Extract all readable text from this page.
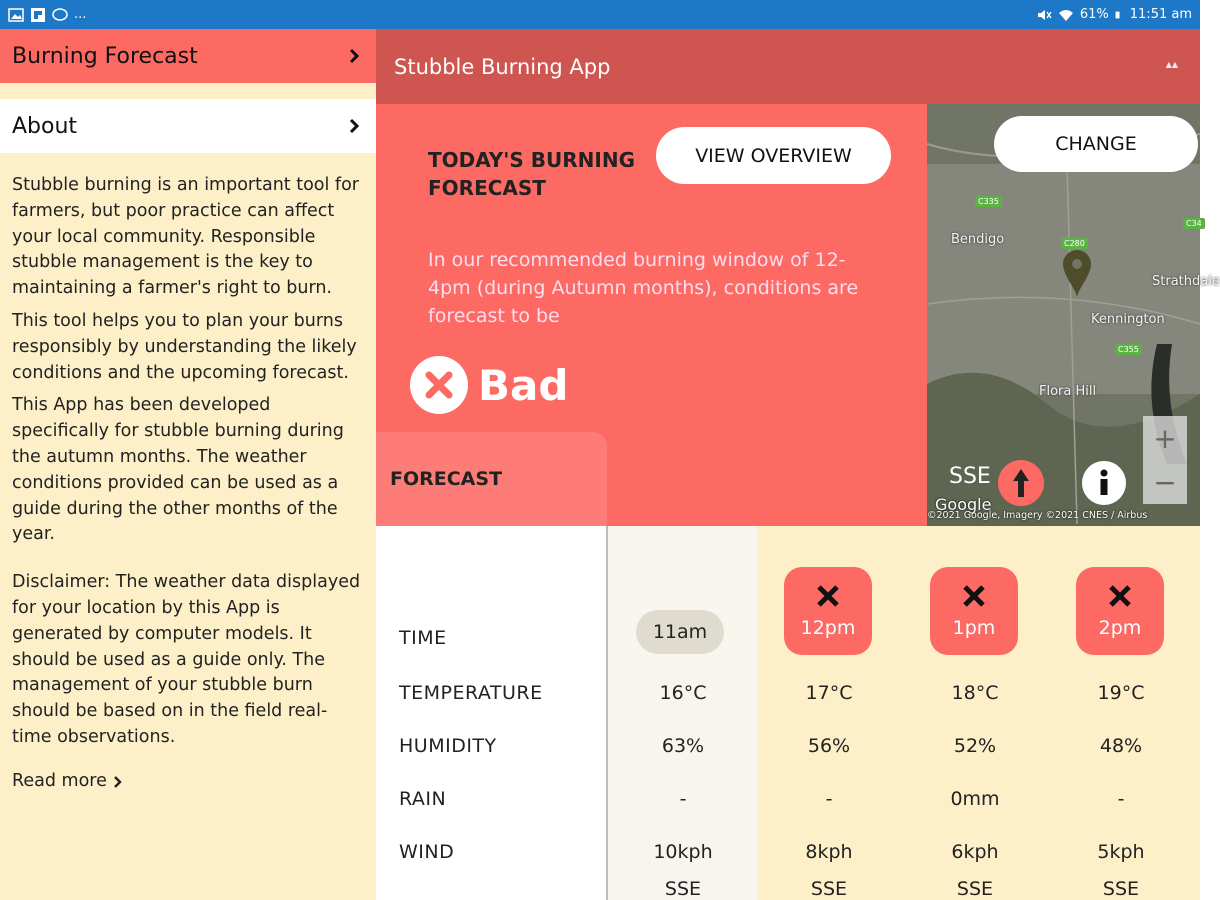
...	61% 11:51 am
Burning Forecast
About

Stubble burning is an important tool for farmers, but poor practice can affect your local community. Responsible stubble management is the key to maintaining a farmer's right to burn.

This tool helps you to plan your burns responsibly by understanding the likely conditions and the upcoming forecast.

This App has been developed specifically for stubble burning during the autumn months. The weather conditions provided can be used as a guide during the other months of the year.

Disclaimer: The weather data displayed for your location by this App is generated by computer models. It should be used as a guide only. The management of your stubble burn should be based on in the field real-time observations.

Read more
Stubble Burning App	▲▲
TODAY'S BURNING FORECAST
VIEW OVERVIEW
In our recommended burning window of 12-4pm (during Autumn months), conditions are forecast to be
Bad
FORECAST
C335
C280
C355
C34
Bendigo
Strathdale
Kennington
Flora Hill
CHANGE
+
−
SSE
Google
©2021 Google, Imagery ©2021 CNES / Airbus
TIME
TEMPERATURE
HUMIDITY
RAIN
WIND
11am
16°C
63%
-
10kph
SSE
12pm
17°C
56%
-
8kph
SSE
1pm
18°C
52%
0mm
6kph
SSE
2pm
19°C
48%
-
5kph
SSE
